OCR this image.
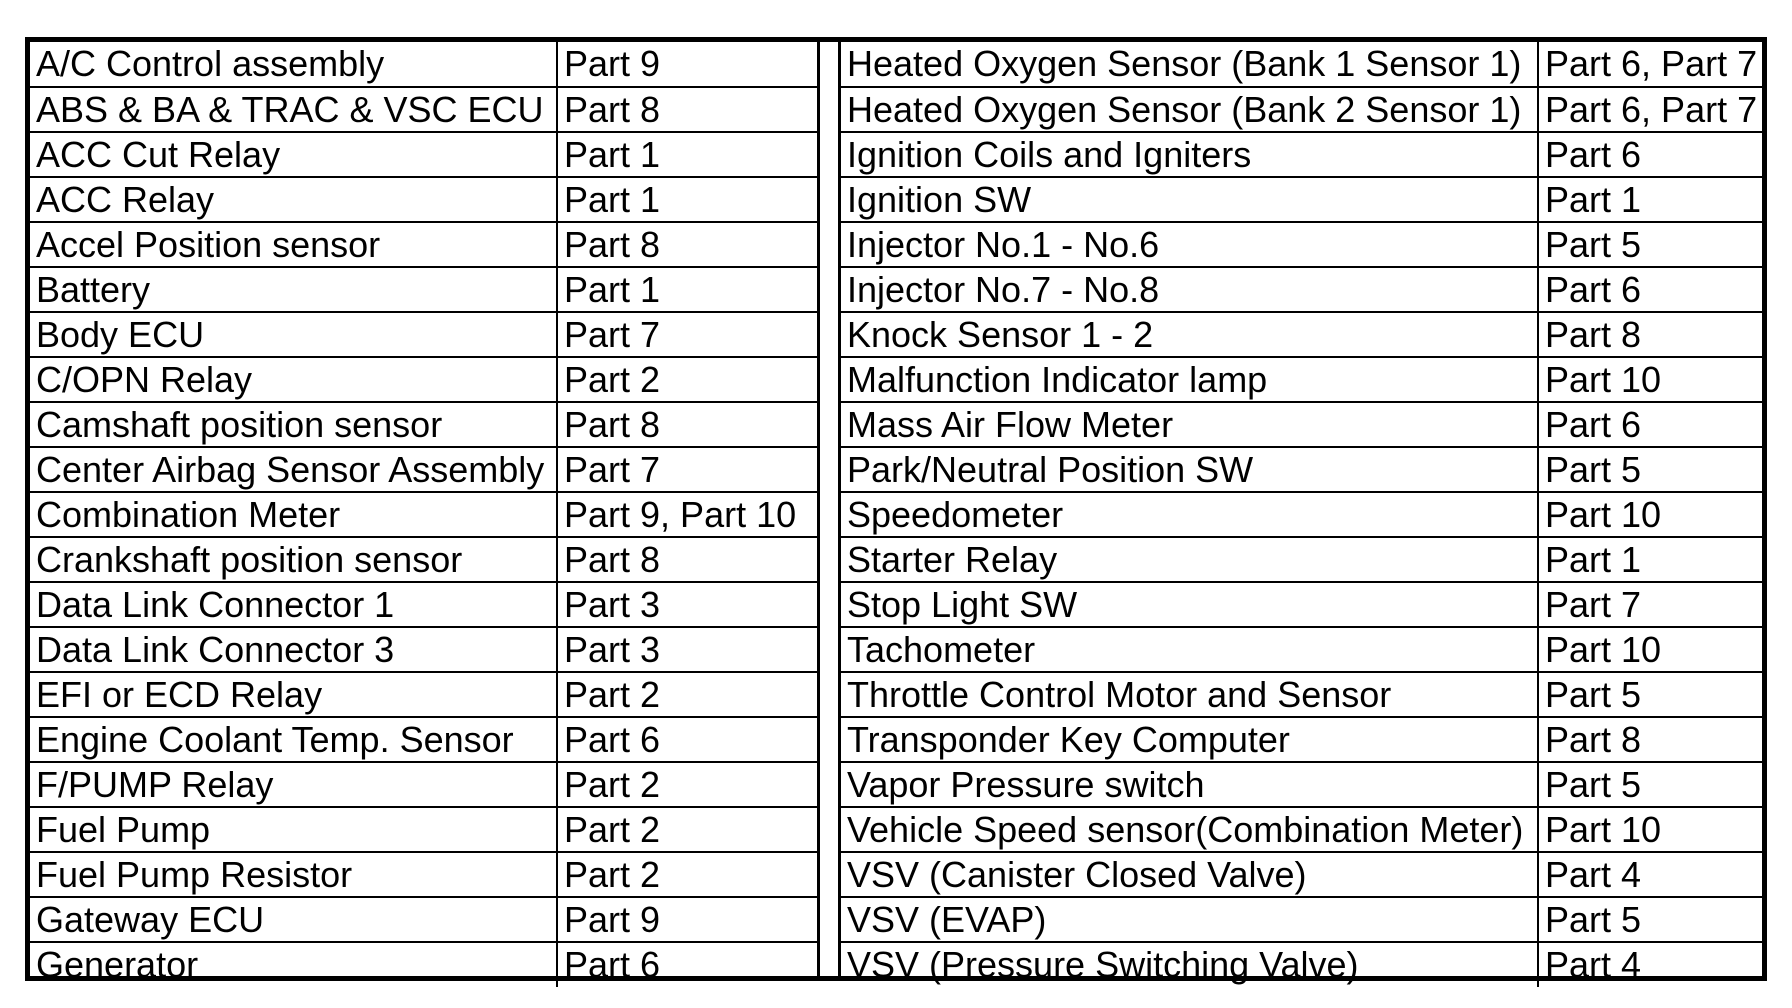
A/C Control assembly	Part 9
ABS & BA & TRAC & VSC ECU	Part 8
ACC Cut Relay	Part 1
ACC Relay	Part 1
Accel Position sensor	Part 8
Battery	Part 1
Body ECU	Part 7
C/OPN Relay	Part 2
Camshaft position sensor	Part 8
Center Airbag Sensor Assembly	Part 7
Combination Meter	Part 9, Part 10
Crankshaft position sensor	Part 8
Data Link Connector 1	Part 3
Data Link Connector 3	Part 3
EFI or ECD Relay	Part 2
Engine Coolant Temp. Sensor	Part 6
F/PUMP Relay	Part 2
Fuel Pump	Part 2
Fuel Pump Resistor	Part 2
Gateway ECU	Part 9
Generator	Part 6
Heated Oxygen Sensor (Bank 1 Sensor 1)	Part 6, Part 7
Heated Oxygen Sensor (Bank 2 Sensor 1)	Part 6, Part 7
Ignition Coils and Igniters	Part 6
Ignition SW	Part 1
Injector No.1 - No.6	Part 5
Injector No.7 - No.8	Part 6
Knock Sensor 1 - 2	Part 8
Malfunction Indicator lamp	Part 10
Mass Air Flow Meter	Part 6
Park/Neutral Position SW	Part 5
Speedometer	Part 10
Starter Relay	Part 1
Stop Light SW	Part 7
Tachometer	Part 10
Throttle Control Motor and Sensor	Part 5
Transponder Key Computer	Part 8
Vapor Pressure switch	Part 5
Vehicle Speed sensor(Combination Meter)	Part 10
VSV (Canister Closed Valve)	Part 4
VSV (EVAP)	Part 5
VSV (Pressure Switching Valve)	Part 4
